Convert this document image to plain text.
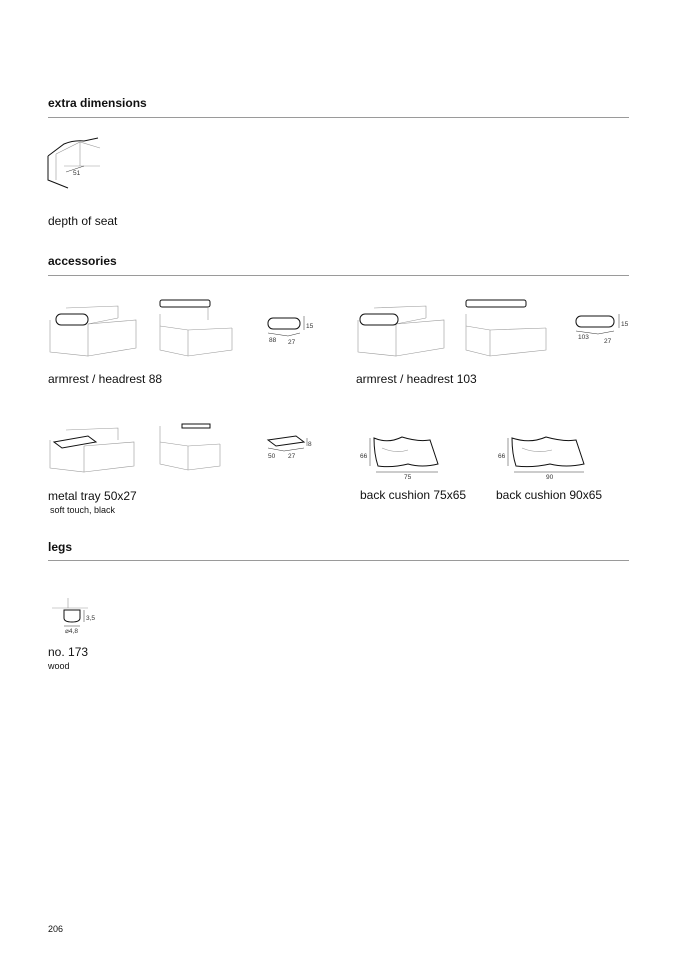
extra dimensions
51
depth of seat
accessories
88 27
15
armrest / headrest 88
103
27
15
armrest / headrest 103
50 27
8
metal tray 50x27
soft touch, black
66
75
back cushion 75x65
66
90
back cushion 90x65
legs
3,5
⌀4,8
no. 173
wood
206
